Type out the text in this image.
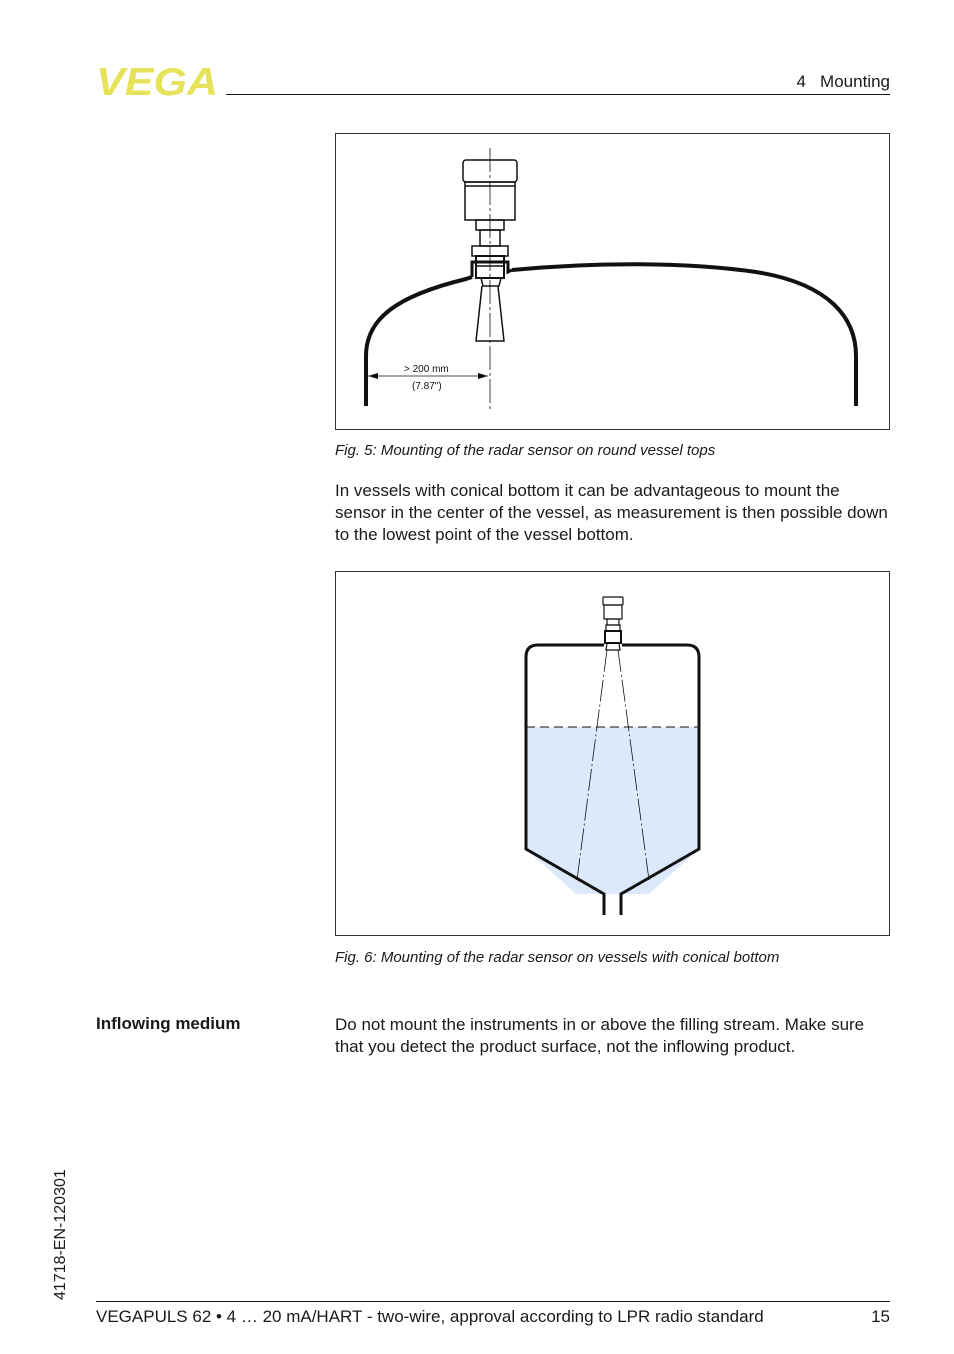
VEGA	4   Mounting
> 200 mm
(7.87")
Fig. 5: Mounting of the radar sensor on round vessel tops
In vessels with conical bottom it can be advantageous to mount the sensor in the center of the vessel, as measurement is then possible down to the lowest point of the vessel bottom.
Fig. 6: Mounting of the radar sensor on vessels with conical bottom
Inflowing medium	Do not mount the instruments in or above the filling stream. Make sure that you detect the product surface, not the inflowing product.
41718-EN-120301
VEGAPULS 62 • 4 … 20 mA/HART - two-wire, approval according to LPR radio standard	15
